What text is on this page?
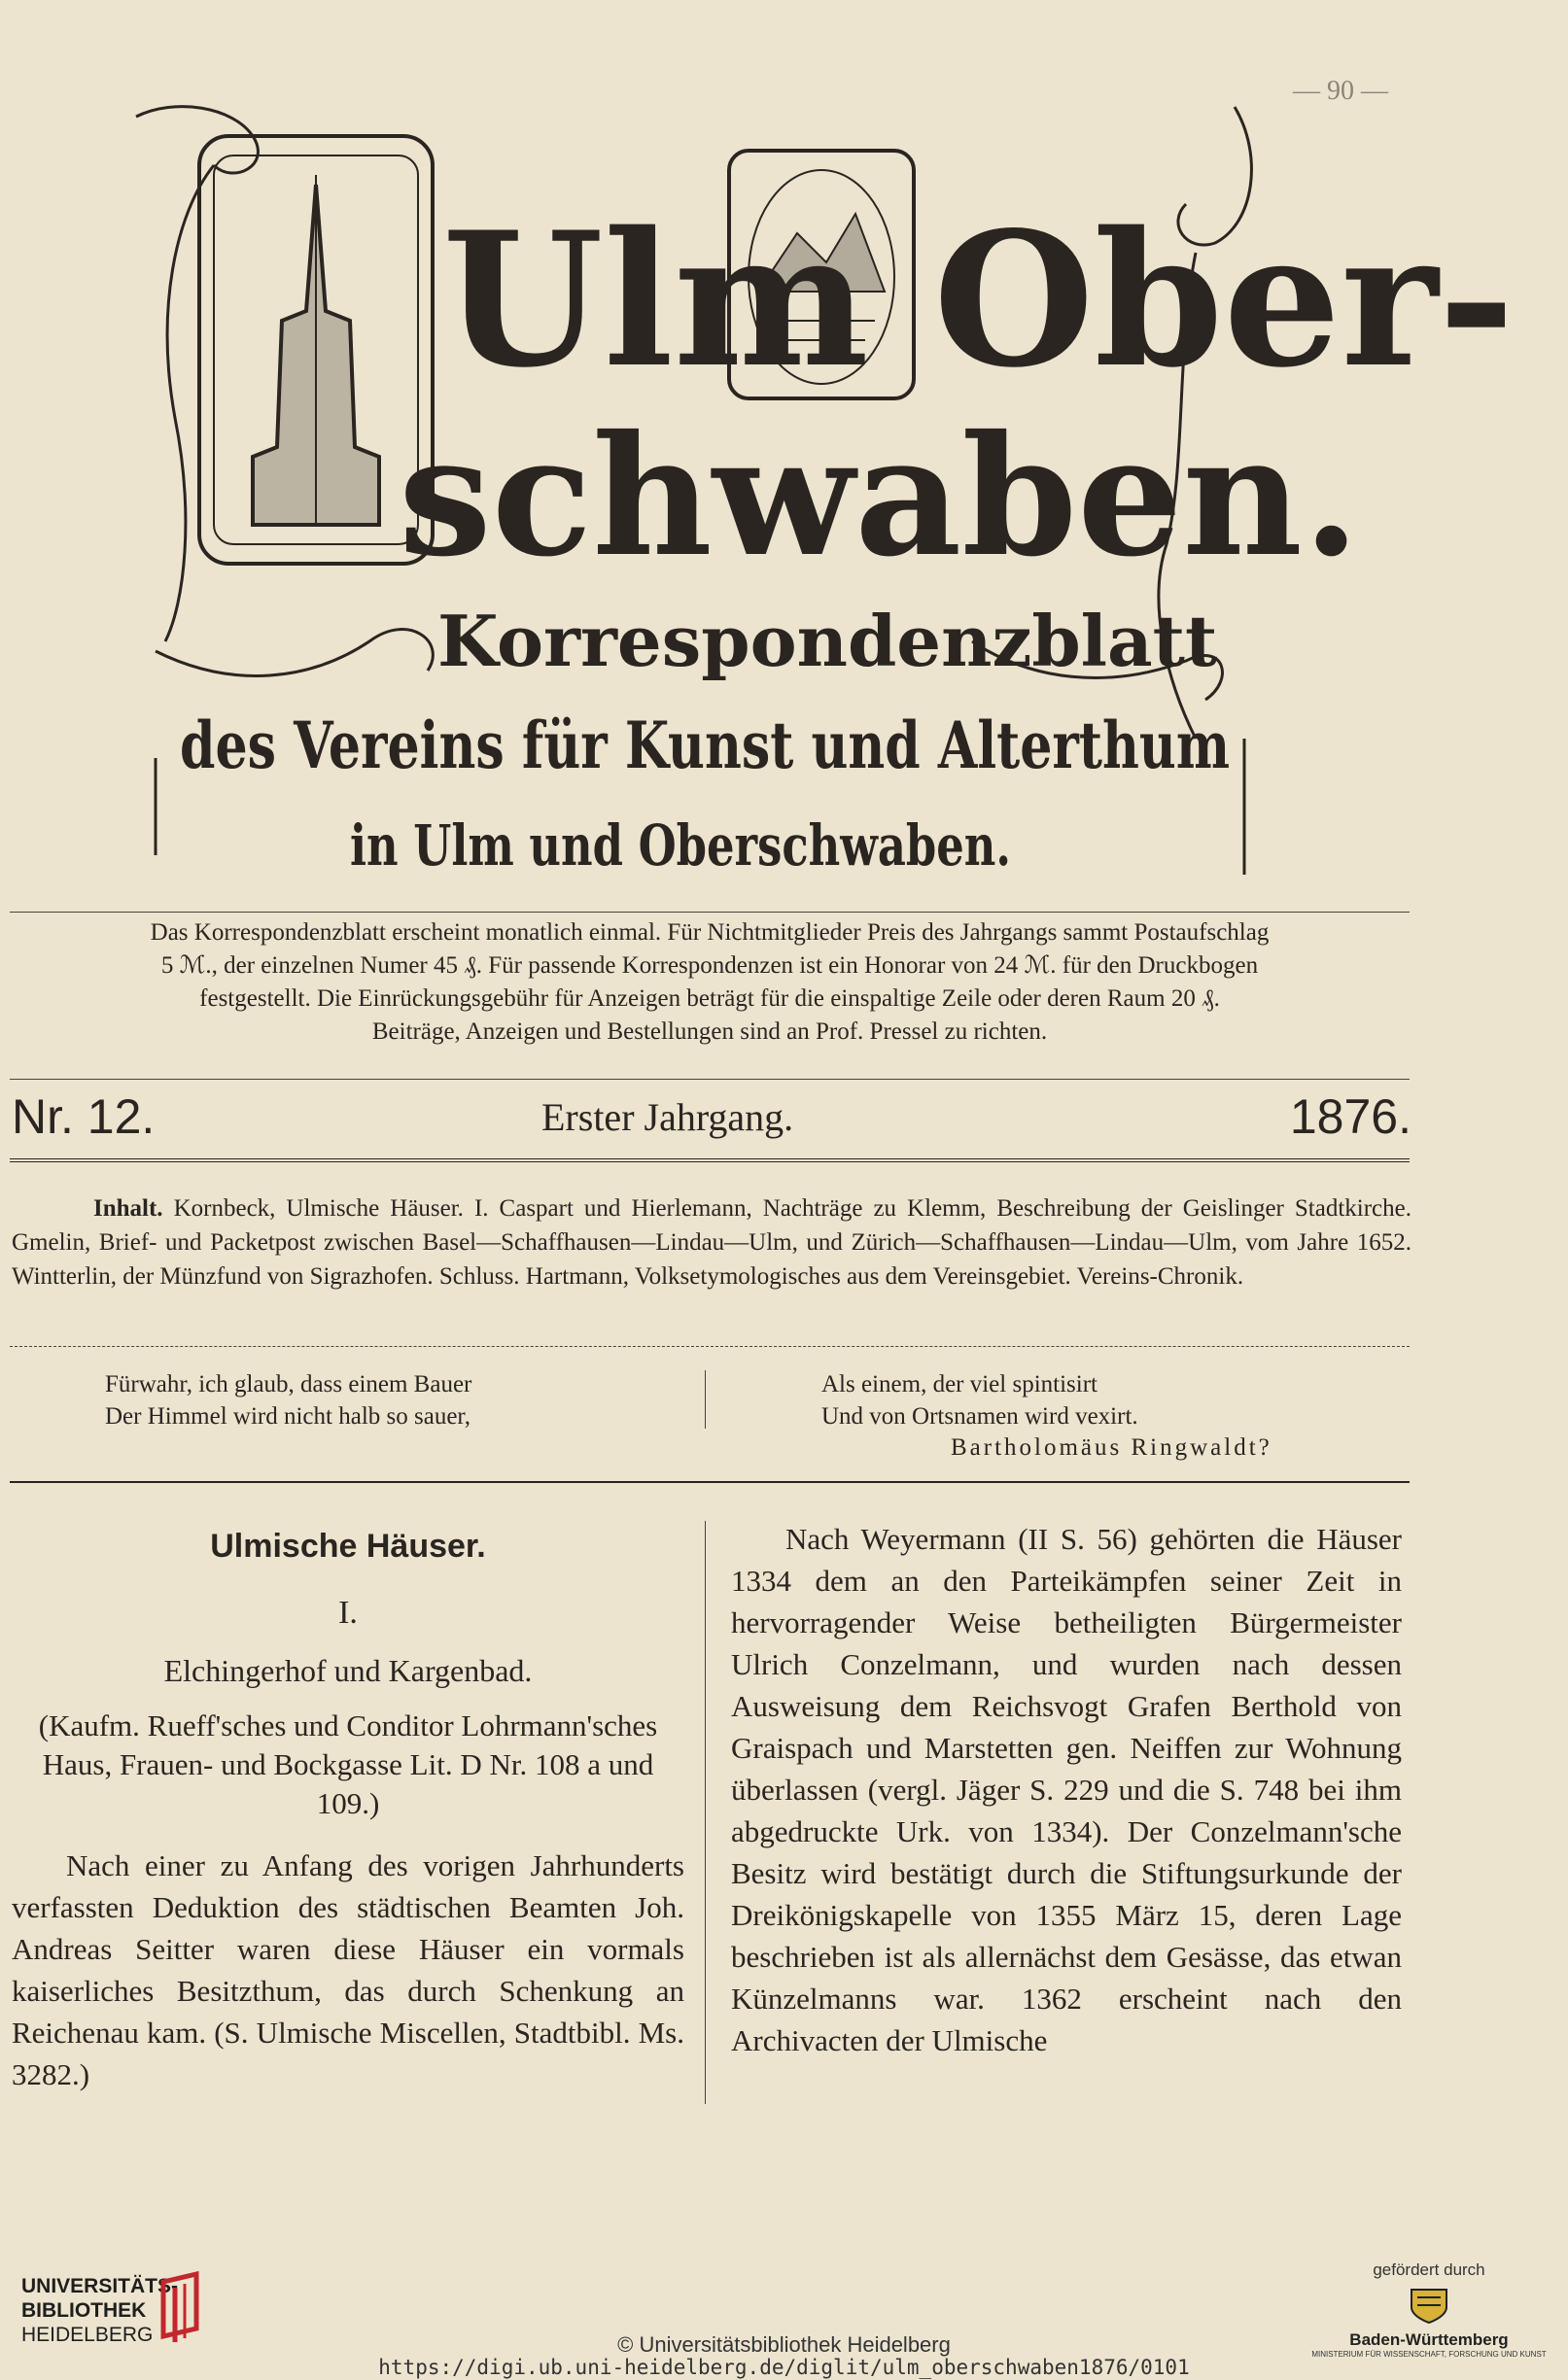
— 90 —
Ulm Ober-
schwaben.
Korrespondenzblatt
des Vereins für Kunst und Alterthum
in Ulm und Oberschwaben.

Das Korrespondenzblatt erscheint monatlich einmal. Für Nichtmitglieder Preis des Jahrgangs sammt Postaufschlag

5 ℳ., der einzelnen Numer 45 ₰. Für passende Korrespondenzen ist ein Honorar von 24 ℳ. für den Druckbogen

festgestellt. Die Einrückungsgebühr für Anzeigen beträgt für die einspaltige Zeile oder deren Raum 20 ₰.

Beiträge, Anzeigen und Bestellungen sind an Prof. Pressel zu richten.

Nr. 12.	Erster Jahrgang.	1876.
Inhalt. Kornbeck, Ulmische Häuser. I. Caspart und Hierlemann, Nachträge zu Klemm, Beschreibung der Geislinger Stadtkirche. Gmelin, Brief- und Packetpost zwischen Basel—Schaffhausen—Lindau—Ulm, und Zürich—Schaffhausen—Lindau—Ulm, vom Jahre 1652. Wintterlin, der Münzfund von Sigrazhofen. Schluss. Hartmann, Volksetymologisches aus dem Vereinsgebiet. Vereins-Chronik.
Fürwahr, ich glaub, dass einem Bauer
Der Himmel wird nicht halb so sauer,
Als einem, der viel spintisirt
Und von Ortsnamen wird vexirt.
Bartholomäus Ringwaldt?
Ulmische Häuser.
I.
Elchingerhof und Kargenbad.
(Kaufm. Rueff'sches und Conditor Lohrmann'sches Haus, Frauen- und Bockgasse Lit. D Nr. 108 a und 109.)

Nach einer zu Anfang des vorigen Jahrhunderts verfassten Deduktion des städtischen Beamten Joh. Andreas Seitter waren diese Häuser ein vormals kaiserliches Besitzthum, das durch Schenkung an Reichenau kam. (S. Ulmische Miscellen, Stadtbibl. Ms. 3282.)

Nach Weyermann (II S. 56) gehörten die Häuser 1334 dem an den Parteikämpfen seiner Zeit in hervorragender Weise betheiligten Bürgermeister Ulrich Conzelmann, und wurden nach dessen Ausweisung dem Reichsvogt Grafen Berthold von Graispach und Marstetten gen. Neiffen zur Wohnung überlassen (vergl. Jäger S. 229 und die S. 748 bei ihm abgedruckte Urk. von 1334). Der Conzelmann'sche Besitz wird bestätigt durch die Stiftungsurkunde der Dreikönigskapelle von 1355 März 15, deren Lage beschrieben ist als allernächst dem Gesässe, das etwan Künzelmanns war. 1362 erscheint nach den Archivacten der Ulmische

UNIVERSITÄTS-
BIBLIOTHEK
HEIDELBERG	© Universitätsbibliothek Heidelberg
https://digi.ub.uni-heidelberg.de/diglit/ulm_oberschwaben1876/0101
gefördert durch
Baden-Württemberg
MINISTERIUM FÜR WISSENSCHAFT, FORSCHUNG UND KUNST
